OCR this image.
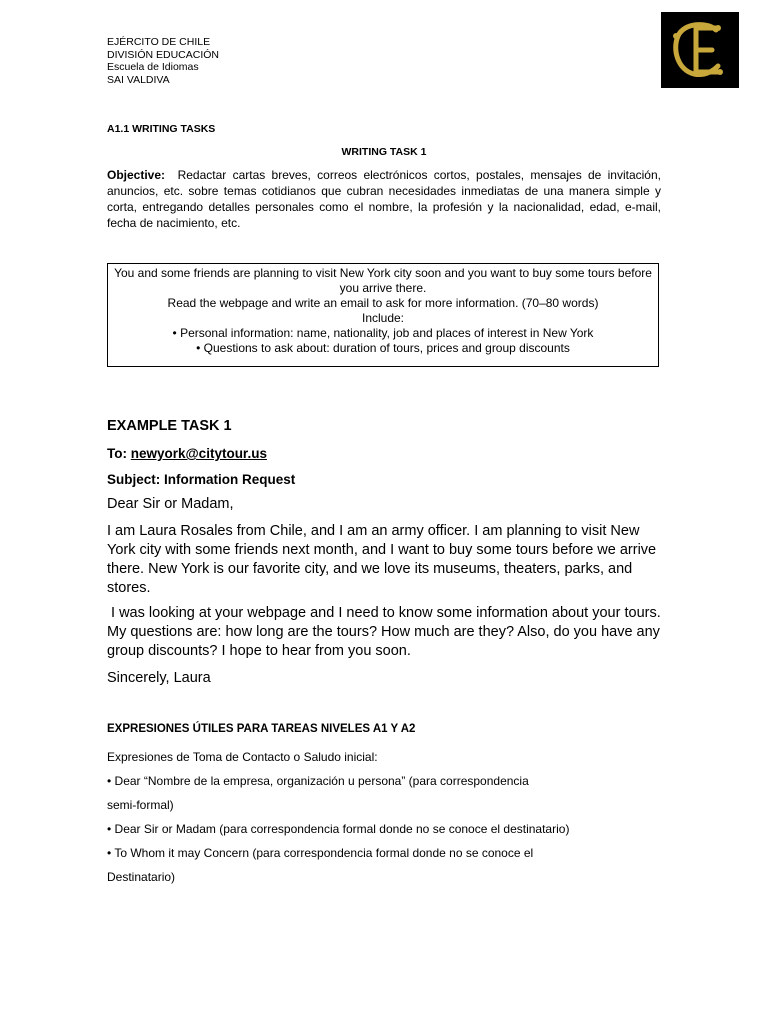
EJÉRCITO DE CHILE
DIVISIÓN EDUCACIÓN
Escuela de Idiomas
SAI VALDIVA
A1.1 WRITING TASKS
WRITING TASK 1
Objective: Redactar cartas breves, correos electrónicos cortos, postales, mensajes de invitación, anuncios, etc. sobre temas cotidianos que cubran necesidades inmediatas de una manera simple y corta, entregando detalles personales como el nombre, la profesión y la nacionalidad, edad, e-mail, fecha de nacimiento, etc.
You and some friends are planning to visit New York city soon and you want to buy some tours before you arrive there.
Read the webpage and write an email to ask for more information. (70–80 words)
Include:
• Personal information: name, nationality, job and places of interest in New York
• Questions to ask about: duration of tours, prices and group discounts
EXAMPLE TASK 1
To: newyork@citytour.us
Subject: Information Request
Dear Sir or Madam,
I am Laura Rosales from Chile, and I am an army officer. I am planning to visit New York city with some friends next month, and I want to buy some tours before we arrive there. New York is our favorite city, and we love its museums, theaters, parks, and stores.
I was looking at your webpage and I need to know some information about your tours. My questions are: how long are the tours? How much are they? Also, do you have any group discounts? I hope to hear from you soon.
Sincerely, Laura
EXPRESIONES ÚTILES PARA TAREAS NIVELES A1 Y A2
Expresiones de Toma de Contacto o Saludo inicial:
• Dear “Nombre de la empresa, organización u persona” (para correspondencia
semi-formal)
• Dear Sir or Madam (para correspondencia formal donde no se conoce el destinatario)
• To Whom it may Concern (para correspondencia formal donde no se conoce el
Destinatario)
